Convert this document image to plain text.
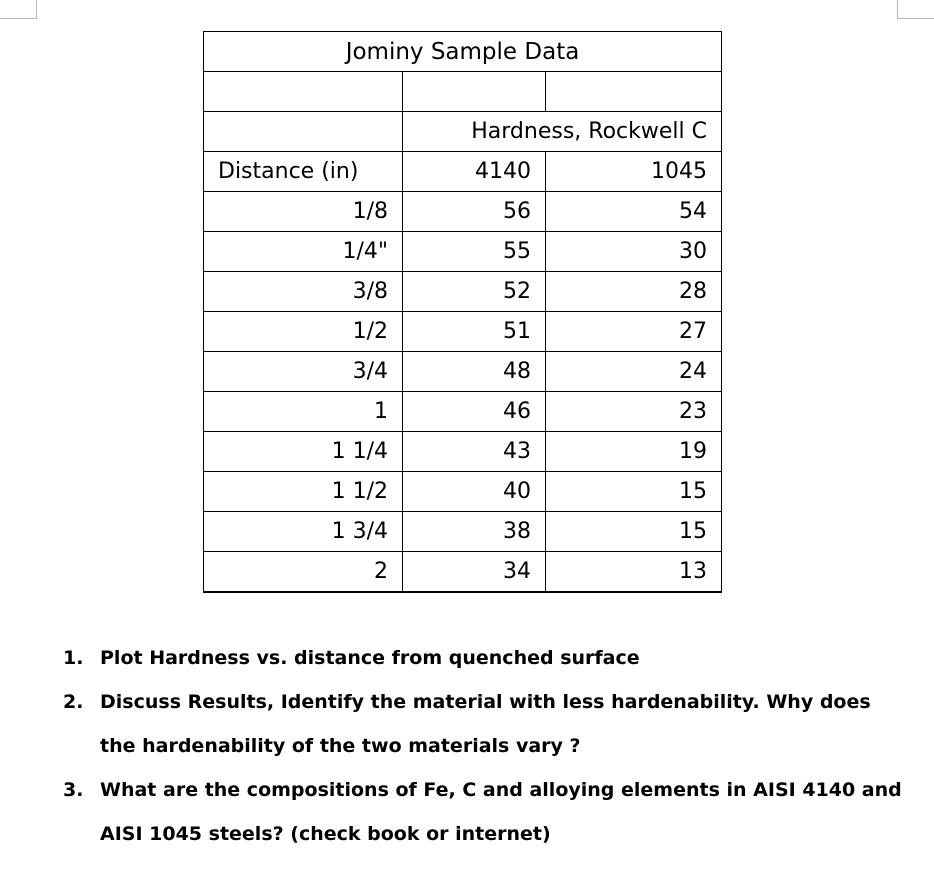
Jominy Sample Data		

	Hardness, Rockwell C	
Distance (in)	4140	1045
1/8	56	54
1/4"	55	30
3/8	52	28
1/2	51	27
3/4	48	24
1	46	23
1 1/4	43	19
1 1/2	40	15
1 3/4	38	15
2	34	13
1. Plot Hardness vs. distance from quenched surface
2. Discuss Results, Identify the material with less hardenability. Why does the hardenability of the two materials vary ?
3. What are the compositions of Fe, C and alloying elements in AISI 4140 and AISI 1045 steels? (check book or internet)
